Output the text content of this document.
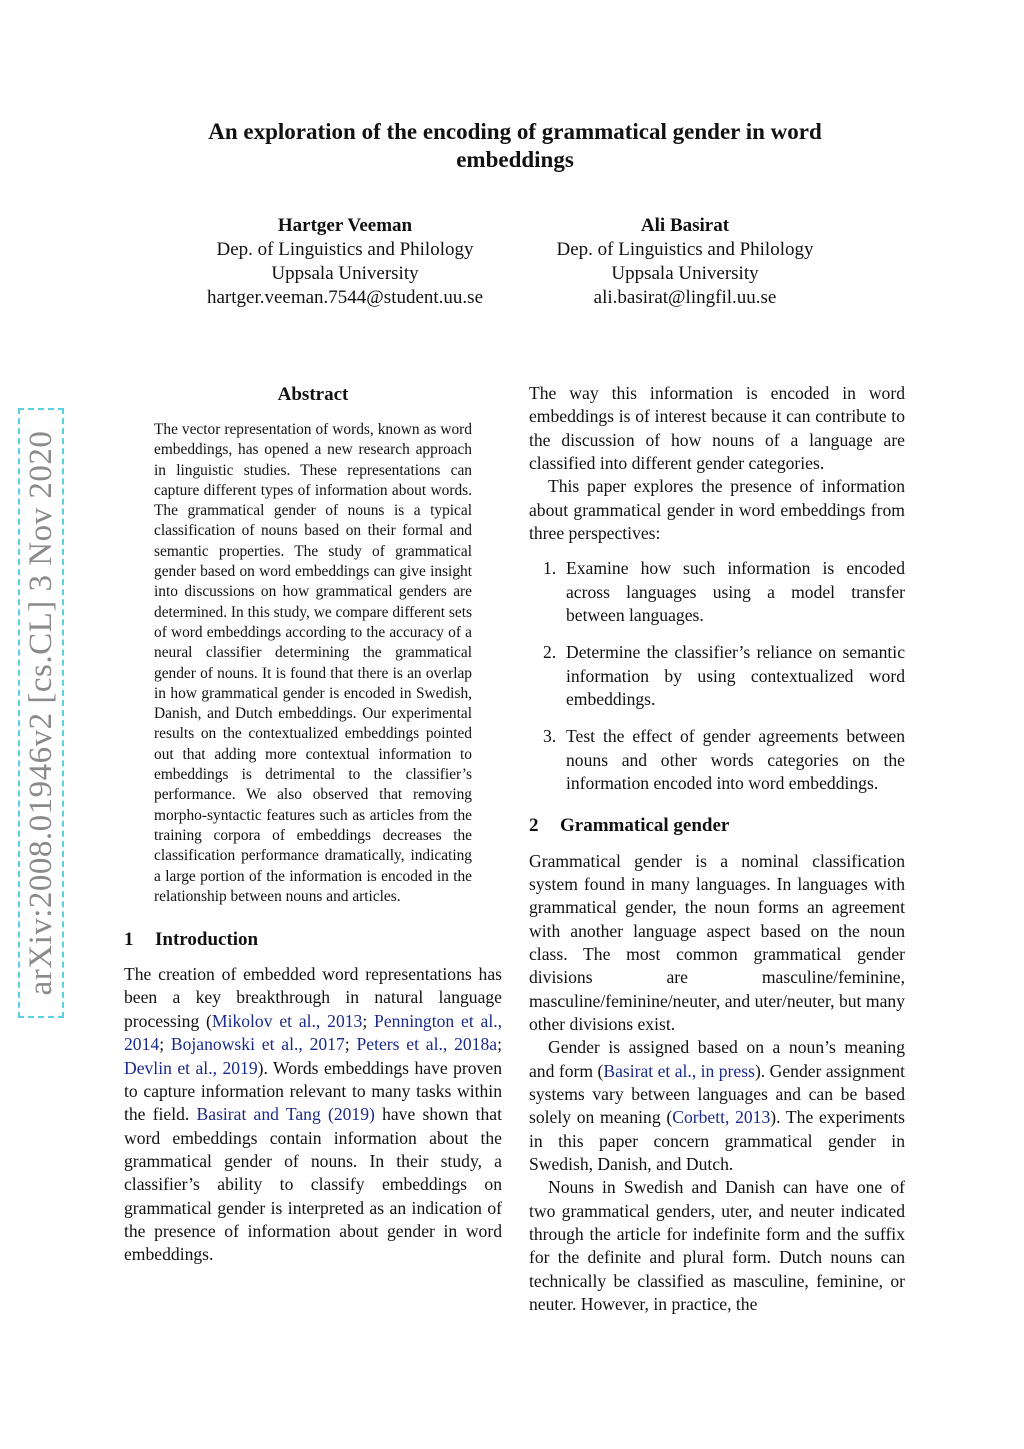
An exploration of the encoding of grammatical gender in word embeddings
Hartger Veeman
Dep. of Linguistics and Philology
Uppsala University
hartger.veeman.7544@student.uu.se
Ali Basirat
Dep. of Linguistics and Philology
Uppsala University
ali.basirat@lingfil.uu.se
arXiv:2008.01946v2 [cs.CL] 3 Nov 2020
Abstract
The vector representation of words, known as word embeddings, has opened a new research approach in linguistic studies. These representations can capture different types of information about words. The grammatical gender of nouns is a typical classification of nouns based on their formal and semantic properties. The study of grammatical gender based on word embeddings can give insight into discussions on how grammatical genders are determined. In this study, we compare different sets of word embeddings according to the accuracy of a neural classifier determining the grammatical gender of nouns. It is found that there is an overlap in how grammatical gender is encoded in Swedish, Danish, and Dutch embeddings. Our experimental results on the contextualized embeddings pointed out that adding more contextual information to embeddings is detrimental to the classifier’s performance. We also observed that removing morpho-syntactic features such as articles from the training corpora of embeddings decreases the classification performance dramatically, indicating a large portion of the information is encoded in the relationship between nouns and articles.
1 Introduction

The creation of embedded word representations has been a key breakthrough in natural language processing (Mikolov et al., 2013; Pennington et al., 2014; Bojanowski et al., 2017; Peters et al., 2018a; Devlin et al., 2019). Words embeddings have proven to capture information relevant to many tasks within the field. Basirat and Tang (2019) have shown that word embeddings contain information about the grammatical gender of nouns. In their study, a classifier’s ability to classify embeddings on grammatical gender is interpreted as an indication of the presence of information about gender in word embeddings.

The way this information is encoded in word embeddings is of interest because it can contribute to the discussion of how nouns of a language are classified into different gender categories.

This paper explores the presence of information about grammatical gender in word embeddings from three perspectives:

1. Examine how such information is encoded across languages using a model transfer between languages.
2. Determine the classifier’s reliance on semantic information by using contextualized word embeddings.
3. Test the effect of gender agreements between nouns and other words categories on the information encoded into word embeddings.
2 Grammatical gender

Grammatical gender is a nominal classification system found in many languages. In languages with grammatical gender, the noun forms an agreement with another language aspect based on the noun class. The most common grammatical gender divisions are masculine/feminine, masculine/feminine/neuter, and uter/neuter, but many other divisions exist.

Gender is assigned based on a noun’s meaning and form (Basirat et al., in press). Gender assignment systems vary between languages and can be based solely on meaning (Corbett, 2013). The experiments in this paper concern grammatical gender in Swedish, Danish, and Dutch.

Nouns in Swedish and Danish can have one of two grammatical genders, uter, and neuter indicated through the article for indefinite form and the suffix for the definite and plural form. Dutch nouns can technically be classified as masculine, feminine, or neuter. However, in practice, the
